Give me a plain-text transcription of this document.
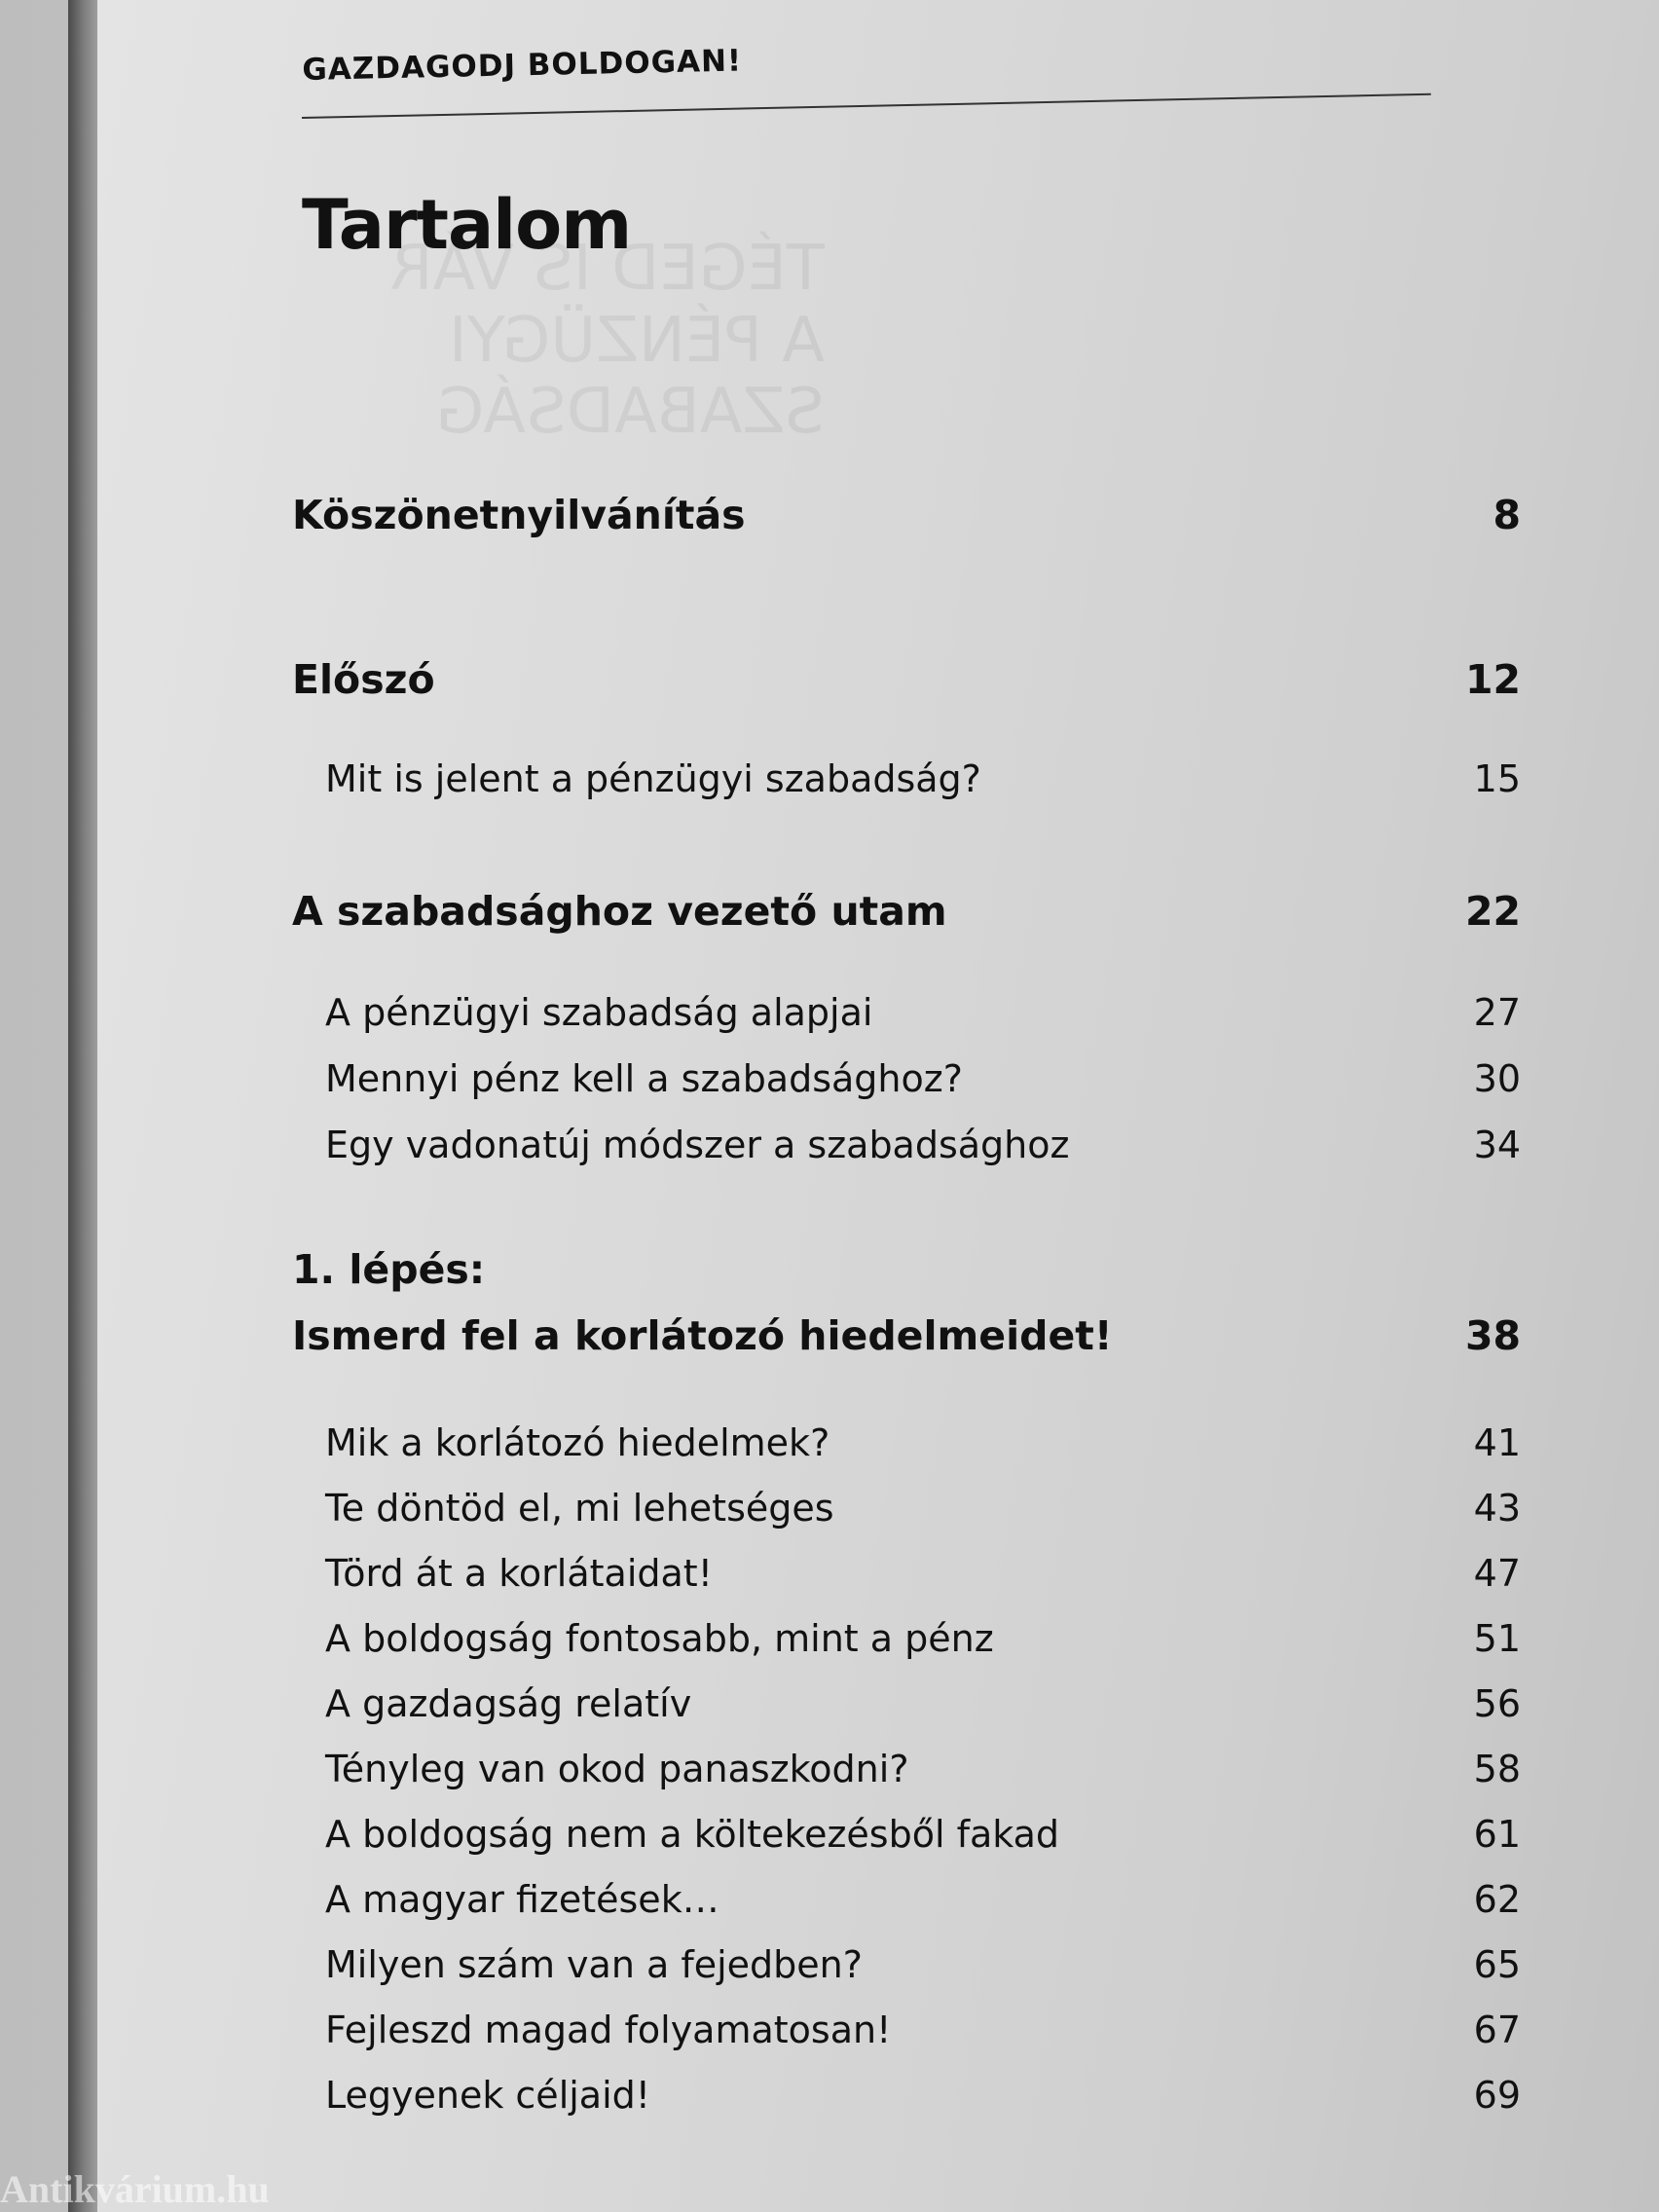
TÉGED IS VÁR
A PÉNZÜGYI
SZABADSÁG
GAZDAGODJ BOLDOGAN!
Tartalom
Köszönetnyilvánítás	8
Előszó	12
Mit is jelent a pénzügyi szabadság?	15
A szabadsághoz vezető utam	22
A pénzügyi szabadság alapjai	27
Mennyi pénz kell a szabadsághoz?	30
Egy vadonatúj módszer a szabadsághoz	34
1. lépés:
Ismerd fel a korlátozó hiedelmeidet!	38
Mik a korlátozó hiedelmek?	41
Te döntöd el, mi lehetséges	43
Törd át a korlátaidat!	47
A boldogság fontosabb, mint a pénz	51
A gazdagság relatív	56
Tényleg van okod panaszkodni?	58
A boldogság nem a költekezésből fakad	61
A magyar fizetések…	62
Milyen szám van a fejedben?	65
Fejleszd magad folyamatosan!	67
Legyenek céljaid!	69
Antikvárium.hu
